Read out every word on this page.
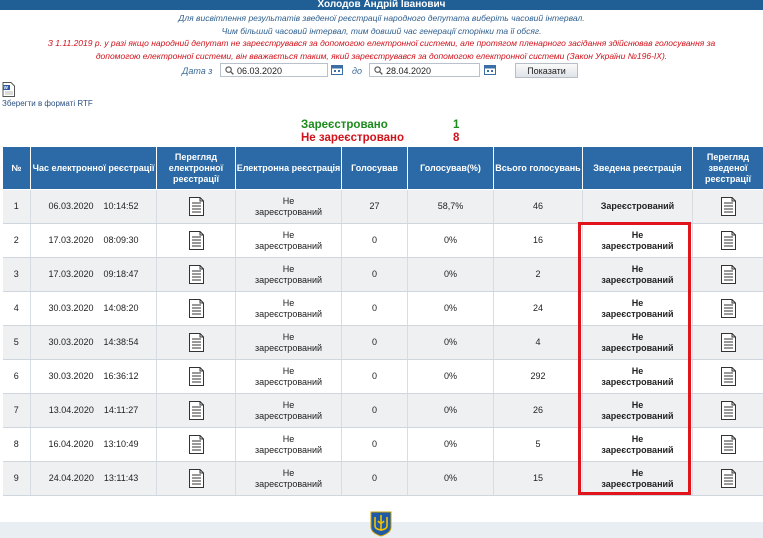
Холодов Андрій Іванович
Для висвітлення результатів зведеної реєстрації народного депутата виберіть часовий інтервал.
Чим більший часовий інтервал, тим довший час генерації сторінки та її обсяг.
З 1.11.2019 р. у разі якщо народний депутат не зареєструвався за допомогою електронної системи, але протягом пленарного засідання здійснював голосування за
допомогою електронної системи, він вважається таким, який зареєструвався за допомогою електронної системи (Закон України №196-IX).
Дата з	06.03.2020	до	28.04.2020	Показати
W
Зберегти в форматі RTF
Зареєстровано	1
Не зареєстровано	8
№	Час електронної реєстрації	Перегляд електронної реєстрації	Електронна реєстрація	Голосував	Голосував(%)	Всього голосувань	Зведена реєстрація	Перегляд зведеної реєстрації
1	06.03.2020 10:14:52		Не зареєстрований	27	58,7%	46	Зареєстрований	
2	17.03.2020 08:09:30		Не зареєстрований	0	0%	16	Не зареєстрований	
3	17.03.2020 09:18:47		Не зареєстрований	0	0%	2	Не зареєстрований	
4	30.03.2020 14:08:20		Не зареєстрований	0	0%	24	Не зареєстрований	
5	30.03.2020 14:38:54		Не зареєстрований	0	0%	4	Не зареєстрований	
6	30.03.2020 16:36:12		Не зареєстрований	0	0%	292	Не зареєстрований	
7	13.04.2020 14:11:27		Не зареєстрований	0	0%	26	Не зареєстрований	
8	16.04.2020 13:10:49		Не зареєстрований	0	0%	5	Не зареєстрований	
9	24.04.2020 13:11:43		Не зареєстрований	0	0%	15	Не зареєстрований	
